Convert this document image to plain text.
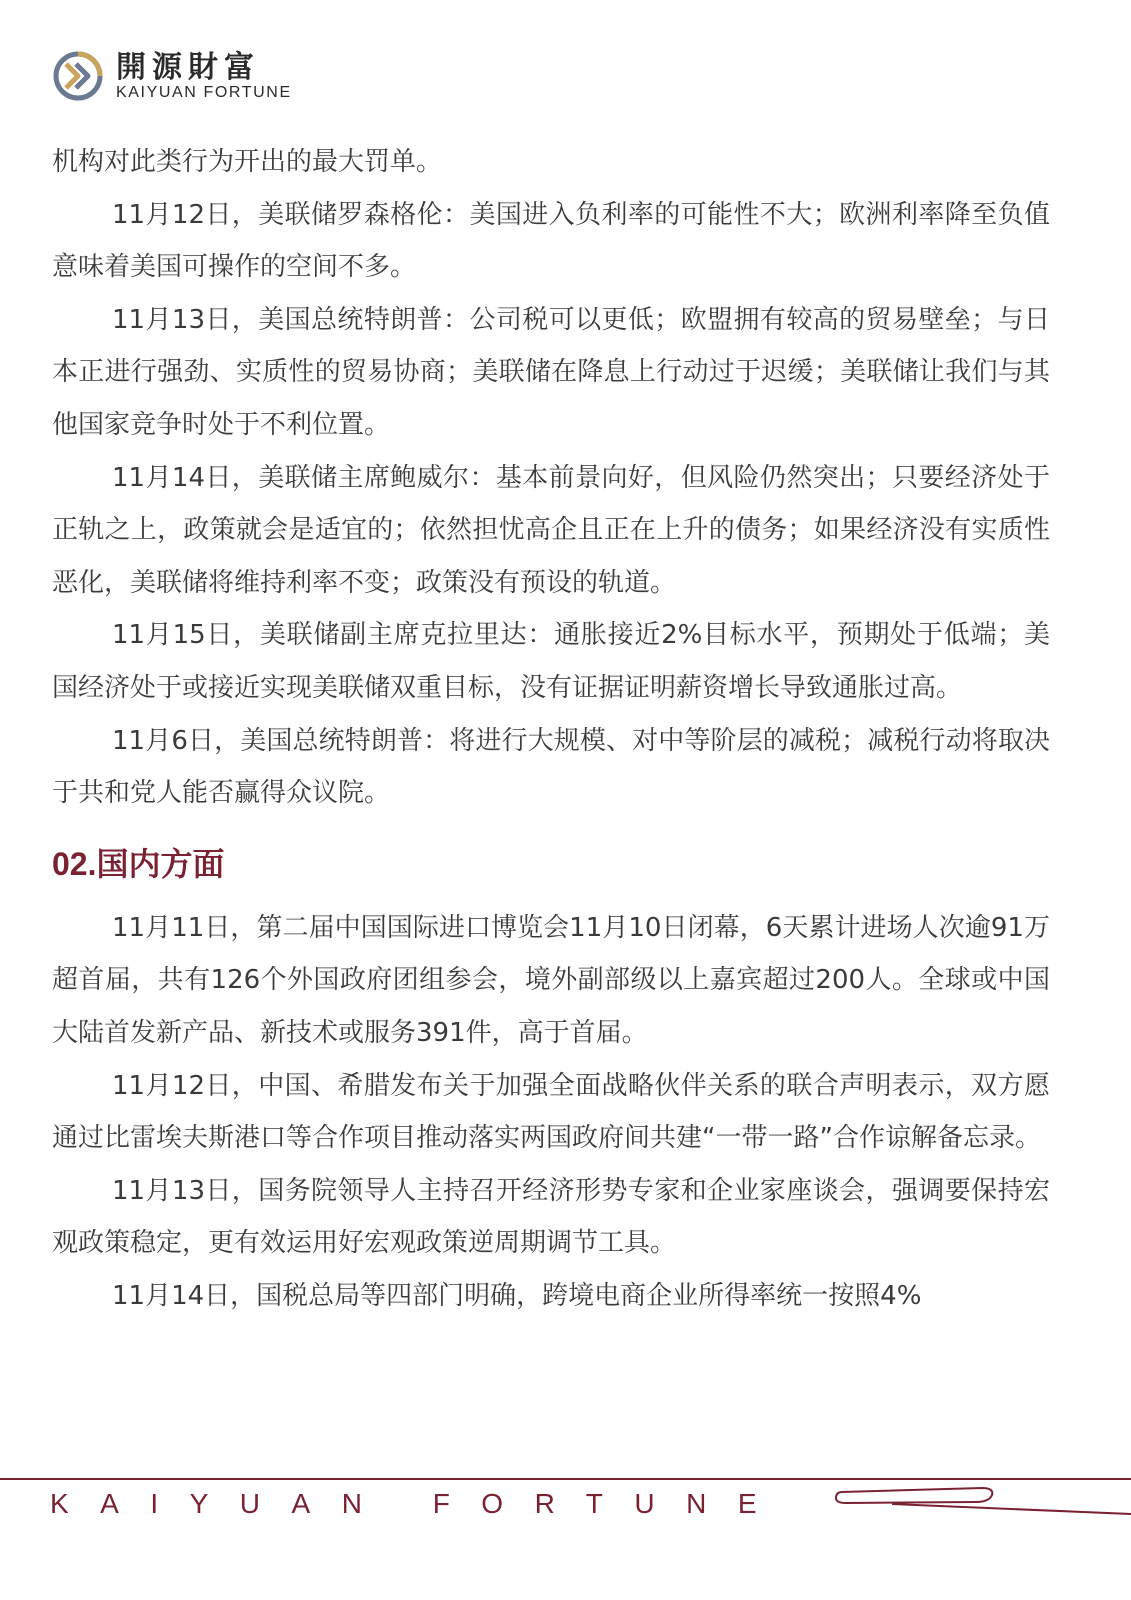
開源財富
KAIYUAN FORTUNE

机构对此类行为开出的最大罚单。

11月12日，美联储罗森格伦：美国进入负利率的可能性不大；欧洲利率降至负值意味着美国可操作的空间不多。

11月13日，美国总统特朗普：公司税可以更低；欧盟拥有较高的贸易壁垒；与日本正进行强劲、实质性的贸易协商；美联储在降息上行动过于迟缓；美联储让我们与其他国家竞争时处于不利位置。

11月14日，美联储主席鲍威尔：基本前景向好，但风险仍然突出；只要经济处于正轨之上，政策就会是适宜的；依然担忧高企且正在上升的债务；如果经济没有实质性恶化，美联储将维持利率不变；政策没有预设的轨道。

11月15日，美联储副主席克拉里达：通胀接近2%目标水平，预期处于低端；美国经济处于或接近实现美联储双重目标，没有证据证明薪资增长导致通胀过高。

11月6日，美国总统特朗普：将进行大规模、对中等阶层的减税；减税行动将取决于共和党人能否赢得众议院。

02.国内方面

11月11日，第二届中国国际进口博览会11月10日闭幕，6天累计进场人次逾91万超首届，共有126个外国政府团组参会，境外副部级以上嘉宾超过200人。全球或中国大陆首发新产品、新技术或服务391件，高于首届。

11月12日，中国、希腊发布关于加强全面战略伙伴关系的联合声明表示，双方愿通过比雷埃夫斯港口等合作项目推动落实两国政府间共建“一带一路”合作谅解备忘录。

11月13日，国务院领导人主持召开经济形势专家和企业家座谈会，强调要保持宏观政策稳定，更有效运用好宏观政策逆周期调节工具。

11月14日，国税总局等四部门明确，跨境电商企业所得率统一按照4%

KAIYUAN FORTUNE
